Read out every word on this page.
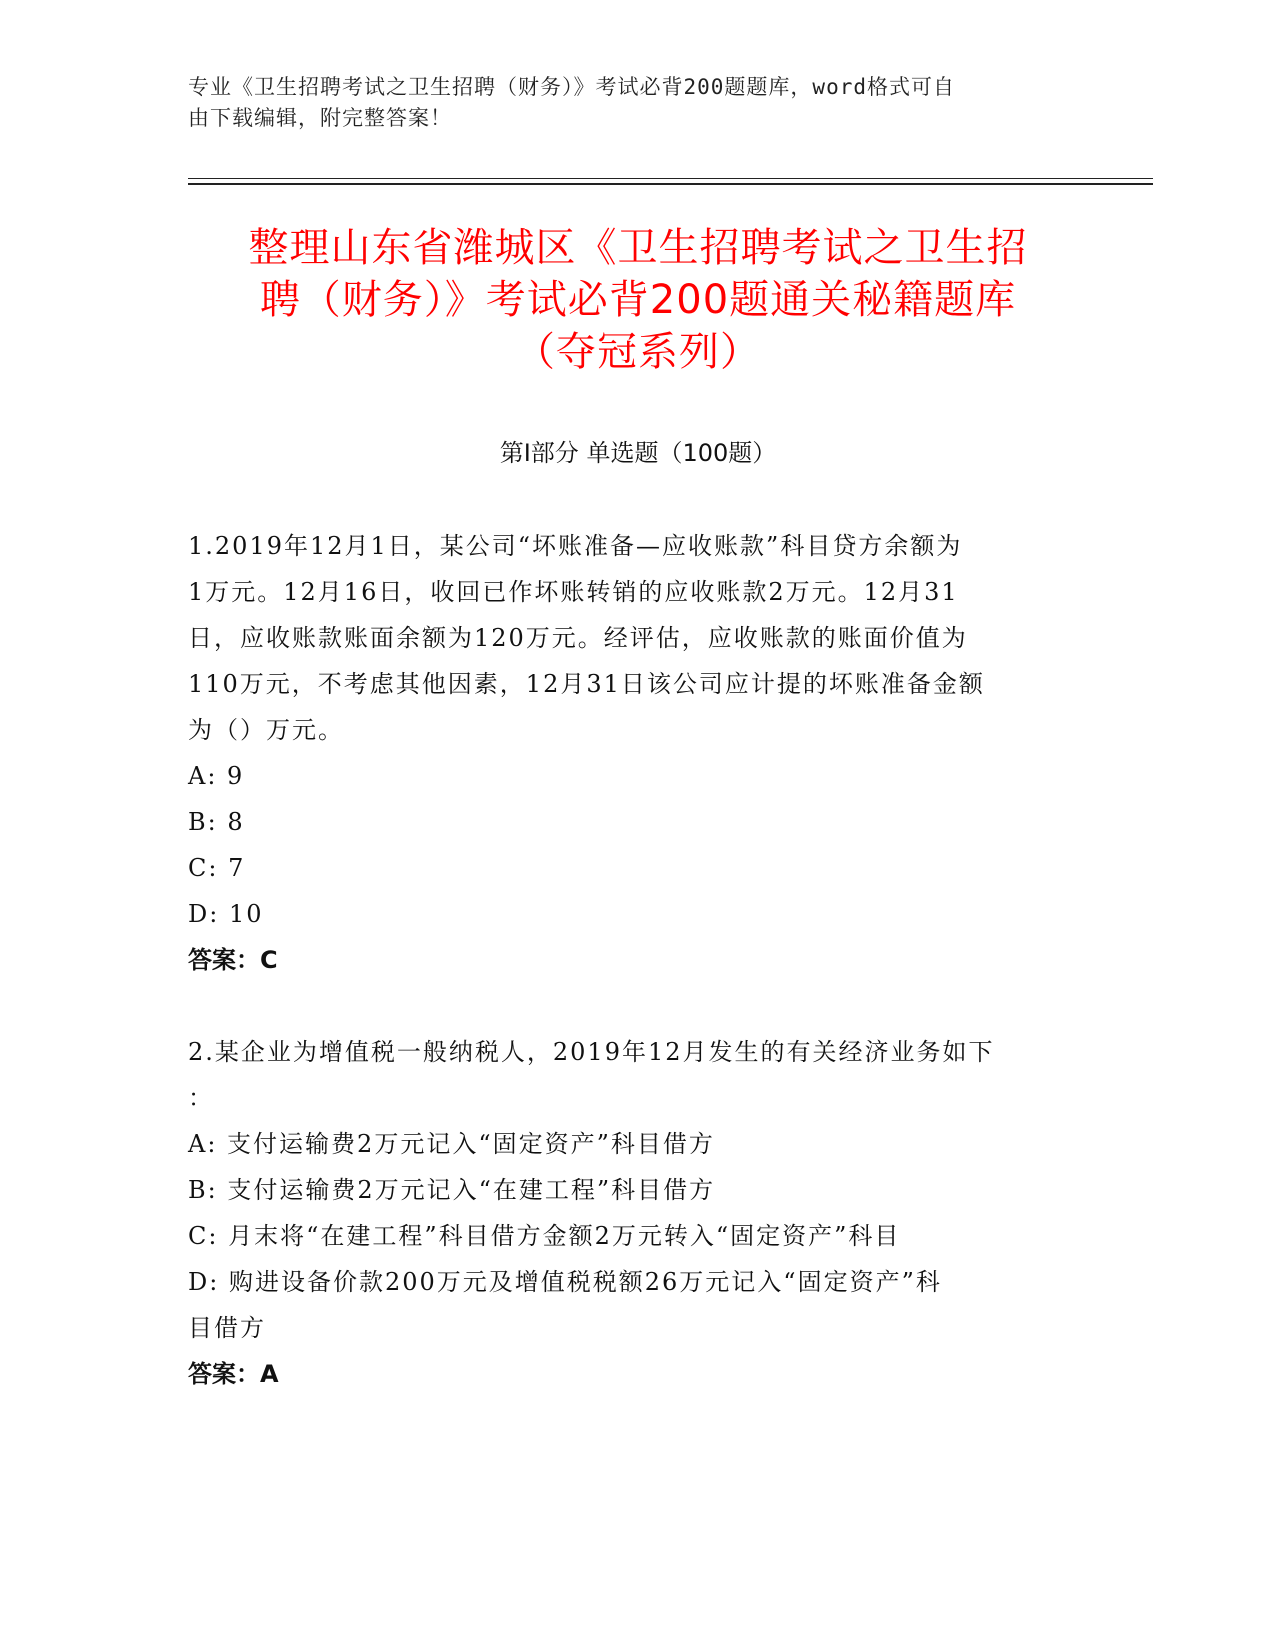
专业《卫生招聘考试之卫生招聘（财务）》考试必背200题题库，word格式可自
由下载编辑，附完整答案！
整理山东省潍城区《卫生招聘考试之卫生招
聘（财务）》考试必背200题通关秘籍题库
（夺冠系列）
第Ⅰ部分 单选题（100题）
1.2019年12月1日，某公司“坏账准备—应收账款”科目贷方余额为
1万元。12月16日，收回已作坏账转销的应收账款2万元。12月31
日，应收账款账面余额为120万元。经评估，应收账款的账面价值为
110万元，不考虑其他因素，12月31日该公司应计提的坏账准备金额
为（）万元。
A: 9
B: 8
C: 7
D: 10
答案：C
2.某企业为增值税一般纳税人，2019年12月发生的有关经济业务如下
：
A: 支付运输费2万元记入“固定资产”科目借方
B: 支付运输费2万元记入“在建工程”科目借方
C: 月末将“在建工程”科目借方金额2万元转入“固定资产”科目
D: 购进设备价款200万元及增值税税额26万元记入“固定资产”科
目借方
答案：A
